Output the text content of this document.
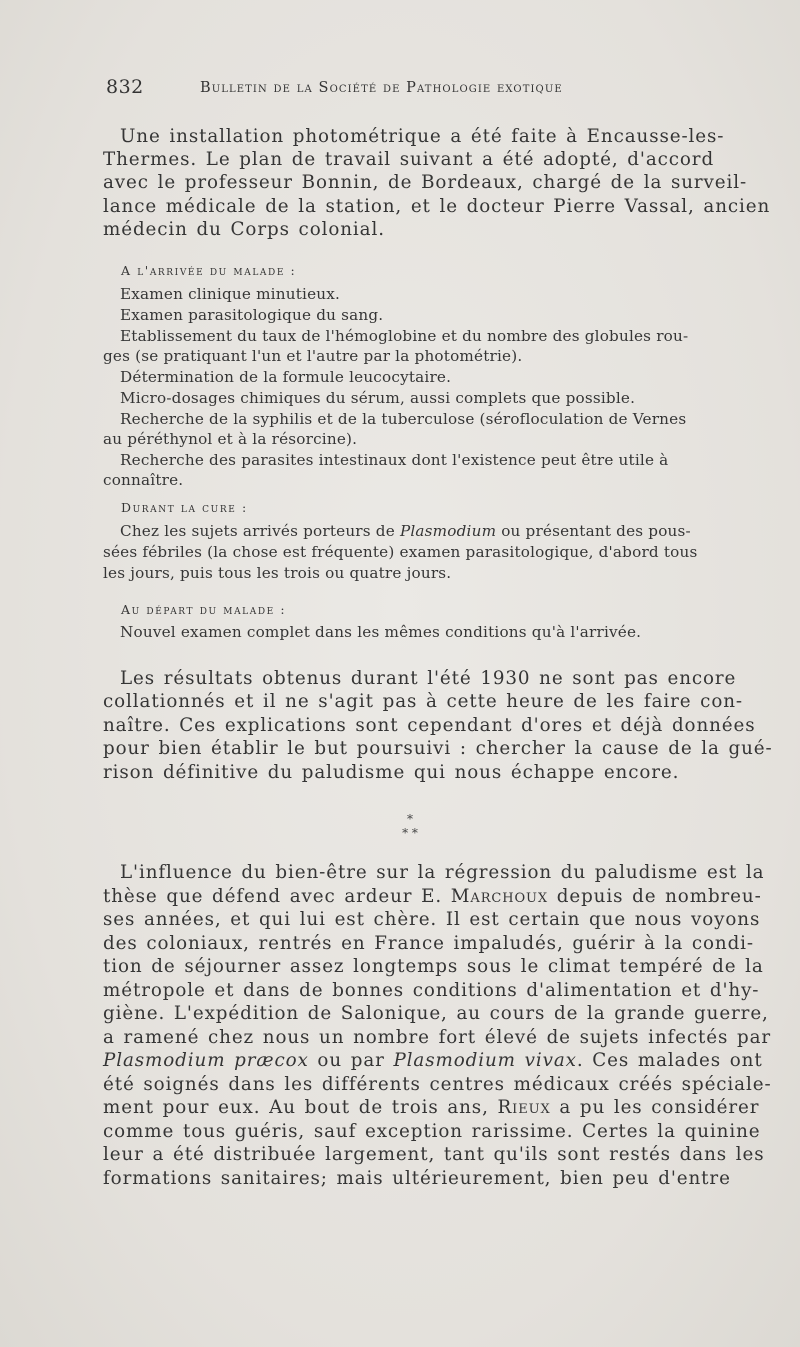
832	Bulletin de la Société de Pathologie exotique
Une installation photométrique a été faite à Encausse-les-
Thermes. Le plan de travail suivant a été adopté, d'accord
avec le professeur Bonnin, de Bordeaux, chargé de la surveil-
lance médicale de la station, et le docteur Pierre Vassal, ancien
médecin du Corps colonial.
A l'arrivée du malade :
Examen clinique minutieux.
Examen parasitologique du sang.
Etablissement du taux de l'hémoglobine et du nombre des globules rou-
ges (se pratiquant l'un et l'autre par la photométrie).
Détermination de la formule leucocytaire.
Micro-dosages chimiques du sérum, aussi complets que possible.
Recherche de la syphilis et de la tuberculose (sérofloculation de Vernes
au péréthynol et à la résorcine).
Recherche des parasites intestinaux dont l'existence peut être utile à
connaître.
Durant la cure :
Chez les sujets arrivés porteurs de Plasmodium ou présentant des pous-
sées fébriles (la chose est fréquente) examen parasitologique, d'abord tous
les jours, puis tous les trois ou quatre jours.
Au départ du malade :
Nouvel examen complet dans les mêmes conditions qu'à l'arrivée.
Les résultats obtenus durant l'été 1930 ne sont pas encore
collationnés et il ne s'agit pas à cette heure de les faire con-
naître. Ces explications sont cependant d'ores et déjà données
pour bien établir le but poursuivi : chercher la cause de la gué-
rison définitive du paludisme qui nous échappe encore.
*
* *
L'influence du bien-être sur la régression du paludisme est la
thèse que défend avec ardeur E. Marchoux depuis de nombreu-
ses années, et qui lui est chère. Il est certain que nous voyons
des coloniaux, rentrés en France impaludés, guérir à la condi-
tion de séjourner assez longtemps sous le climat tempéré de la
métropole et dans de bonnes conditions d'alimentation et d'hy-
giène. L'expédition de Salonique, au cours de la grande guerre,
a ramené chez nous un nombre fort élevé de sujets infectés par
Plasmodium præcox ou par Plasmodium vivax. Ces malades ont
été soignés dans les différents centres médicaux créés spéciale-
ment pour eux. Au bout de trois ans, Rieux a pu les considérer
comme tous guéris, sauf exception rarissime. Certes la quinine
leur a été distribuée largement, tant qu'ils sont restés dans les
formations sanitaires; mais ultérieurement, bien peu d'entre
